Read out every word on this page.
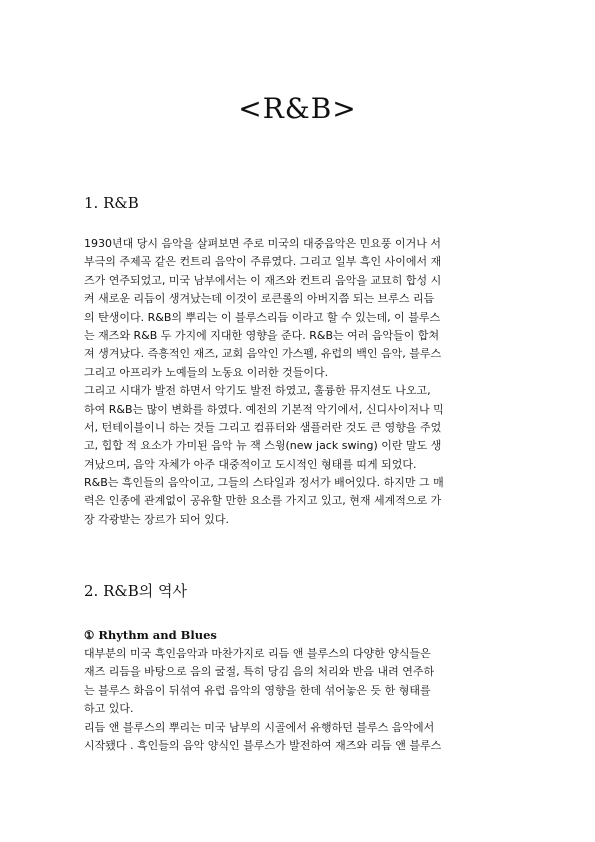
<R&B>
1. R&B
1930년대 당시 음악을 살펴보면 주로 미국의 대중음악은 민요풍 이거나 서
부극의 주제곡 같은 컨트리 음악이 주류였다. 그리고 일부 흑인 사이에서 재
즈가 연주되었고, 미국 남부에서는 이 재즈와 컨트리 음악을 교묘히 합성 시
켜 새로운 리듬이 생겨났는데 이것이 로큰롤의 아버지쯤 되는 브루스 리듬
의 탄생이다. R&B의 뿌리는 이 블루스리듬 이라고 할 수 있는데, 이 블루스
는 재즈와 R&B 두 가지에 지대한 영향을 준다. R&B는 여러 음악들이 합쳐
져 생겨났다. 즉흥적인 재즈, 교회 음악인 가스펠, 유럽의 백인 음악, 블루스
그리고 아프리카 노예들의 노동요 이러한 것들이다.
그리고 시대가 발전 하면서 악기도 발전 하였고, 훌륭한 뮤지션도 나오고,
하여 R&B는 많이 변화를 하였다. 예전의 기본적 악기에서, 신디사이저나 믹
서, 턴테이블이니 하는 것들 그리고 컴퓨터와 샘플러란 것도 큰 영향을 주었
고, 힙합 적 요소가 가미된 음악 뉴 잭 스윙(new jack swing) 이란 말도 생
겨났으며, 음악 자체가 아주 대중적이고 도시적인 형태를 띠게 되었다.
R&B는 흑인들의 음악이고, 그들의 스타일과 정서가 배어있다. 하지만 그 매
력은 인종에 관계없이 공유할 만한 요소를 가지고 있고, 현재 세계적으로 가
장 각광받는 장르가 되어 있다.
2. R&B의 역사
① Rhythm and Blues
대부분의 미국 흑인음악과 마찬가지로 리듬 앤 블루스의 다양한 양식들은
재즈 리듬을 바탕으로 음의 굴절, 특히 당김 음의 처리와 반음 내려 연주하
는 블루스 화음이 뒤섞여 유럽 음악의 영향을 한데 섞어놓은 듯 한 형태를
하고 있다.
리듬 앤 블루스의 뿌리는 미국 남부의 시골에서 유행하던 블루스 음악에서
시작됐다 . 흑인들의 음악 양식인 블루스가 발전하여 재즈와 리듬 앤 블루스
